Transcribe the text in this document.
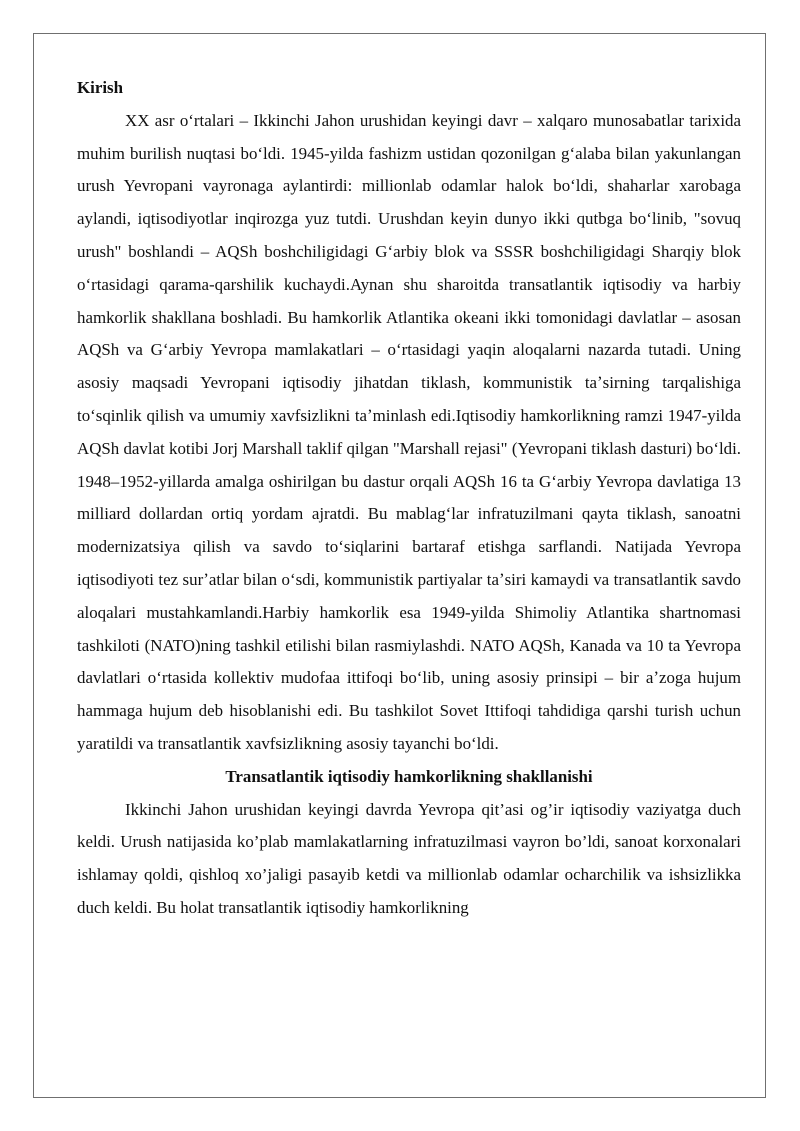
Kirish

XX asr oʻrtalari – Ikkinchi Jahon urushidan keyingi davr – xalqaro munosabatlar tarixida muhim burilish nuqtasi boʻldi. 1945-yilda fashizm ustidan qozonilgan gʻalaba bilan yakunlangan urush Yevropani vayronaga aylantirdi: millionlab odamlar halok boʻldi, shaharlar xarobaga aylandi, iqtisodiyotlar inqirozga yuz tutdi. Urushdan keyin dunyo ikki qutbga boʻlinib, "sovuq urush" boshlandi – AQSh boshchiligidagi Gʻarbiy blok va SSSR boshchiligidagi Sharqiy blok oʻrtasidagi qarama-qarshilik kuchaydi.Aynan shu sharoitda transatlantik iqtisodiy va harbiy hamkorlik shakllana boshladi. Bu hamkorlik Atlantika okeani ikki tomonidagi davlatlar – asosan AQSh va Gʻarbiy Yevropa mamlakatlari – oʻrtasidagi yaqin aloqalarni nazarda tutadi. Uning asosiy maqsadi Yevropani iqtisodiy jihatdan tiklash, kommunistik taʼsirning tarqalishiga toʻsqinlik qilish va umumiy xavfsizlikni taʼminlash edi.Iqtisodiy hamkorlikning ramzi 1947-yilda AQSh davlat kotibi Jorj Marshall taklif qilgan "Marshall rejasi" (Yevropani tiklash dasturi) boʻldi. 1948–1952-yillarda amalga oshirilgan bu dastur orqali AQSh 16 ta Gʻarbiy Yevropa davlatiga 13 milliard dollardan ortiq yordam ajratdi. Bu mablagʻlar infratuzilmani qayta tiklash, sanoatni modernizatsiya qilish va savdo toʻsiqlarini bartaraf etishga sarflandi. Natijada Yevropa iqtisodiyoti tez surʼatlar bilan oʻsdi, kommunistik partiyalar taʼsiri kamaydi va transatlantik savdo aloqalari mustahkamlandi.Harbiy hamkorlik esa 1949-yilda Shimoliy Atlantika shartnomasi tashkiloti (NATO)ning tashkil etilishi bilan rasmiylashdi. NATO AQSh, Kanada va 10 ta Yevropa davlatlari oʻrtasida kollektiv mudofaa ittifoqi boʻlib, uning asosiy prinsipi – bir aʼzoga hujum hammaga hujum deb hisoblanishi edi. Bu tashkilot Sovet Ittifoqi tahdidiga qarshi turish uchun yaratildi va transatlantik xavfsizlikning asosiy tayanchi boʻldi.

Transatlantik iqtisodiy hamkorlikning shakllanishi

Ikkinchi Jahon urushidan keyingi davrda Yevropa qit’asi og’ir iqtisodiy vaziyatga duch keldi. Urush natijasida ko’plab mamlakatlarning infratuzilmasi vayron bo’ldi, sanoat korxonalari ishlamay qoldi, qishloq xo’jaligi pasayib ketdi va millionlab odamlar ocharchilik va ishsizlikka duch keldi. Bu holat transatlantik iqtisodiy hamkorlikning
